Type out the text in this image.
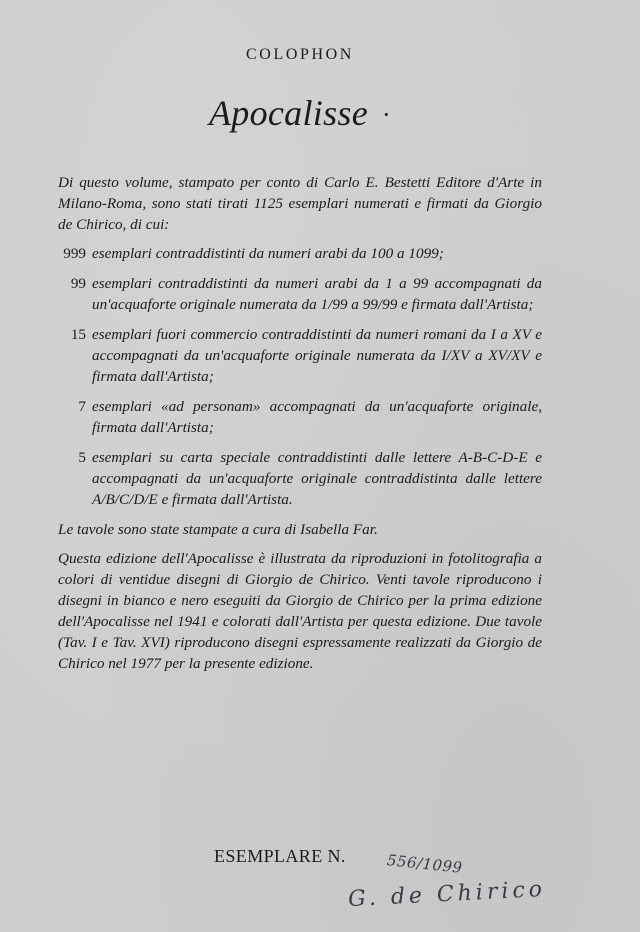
COLOPHON
Apocalisse ·

Di questo volume, stampato per conto di Carlo E. Bestetti Editore d'Arte in Milano-Roma, sono stati tirati 1125 esemplari numerati e firmati da Giorgio de Chirico, di cui:

999 esemplari contraddistinti da numeri arabi da 100 a 1099;
99 esemplari contraddistinti da numeri arabi da 1 a 99 accompagnati da un'acquaforte originale numerata da 1/99 a 99/99 e firmata dall'Artista;
15 esemplari fuori commercio contraddistinti da numeri romani da I a XV e accompagnati da un'acquaforte originale numerata da I/XV a XV/XV e firmata dall'Artista;
7 esemplari «ad personam» accompagnati da un'acquaforte originale, firmata dall'Artista;
5 esemplari su carta speciale contraddistinti dalle lettere A-B-C-D-E e accompagnati da un'acquaforte originale contraddistinta dalle lettere A/B/C/D/E e firmata dall'Artista.

Le tavole sono state stampate a cura di Isabella Far.

Questa edizione dell'Apocalisse è illustrata da riproduzioni in fotolitografia a colori di ventidue disegni di Giorgio de Chirico. Venti tavole riproducono i disegni in bianco e nero eseguiti da Giorgio de Chirico per la prima edizione dell'Apocalisse nel 1941 e colorati dall'Artista per questa edizione. Due tavole (Tav. I e Tav. XVI) riproducono disegni espressamente realizzati da Giorgio de Chirico nel 1977 per la presente edizione.

ESEMPLARE N.	556/1099
G. de Chirico
